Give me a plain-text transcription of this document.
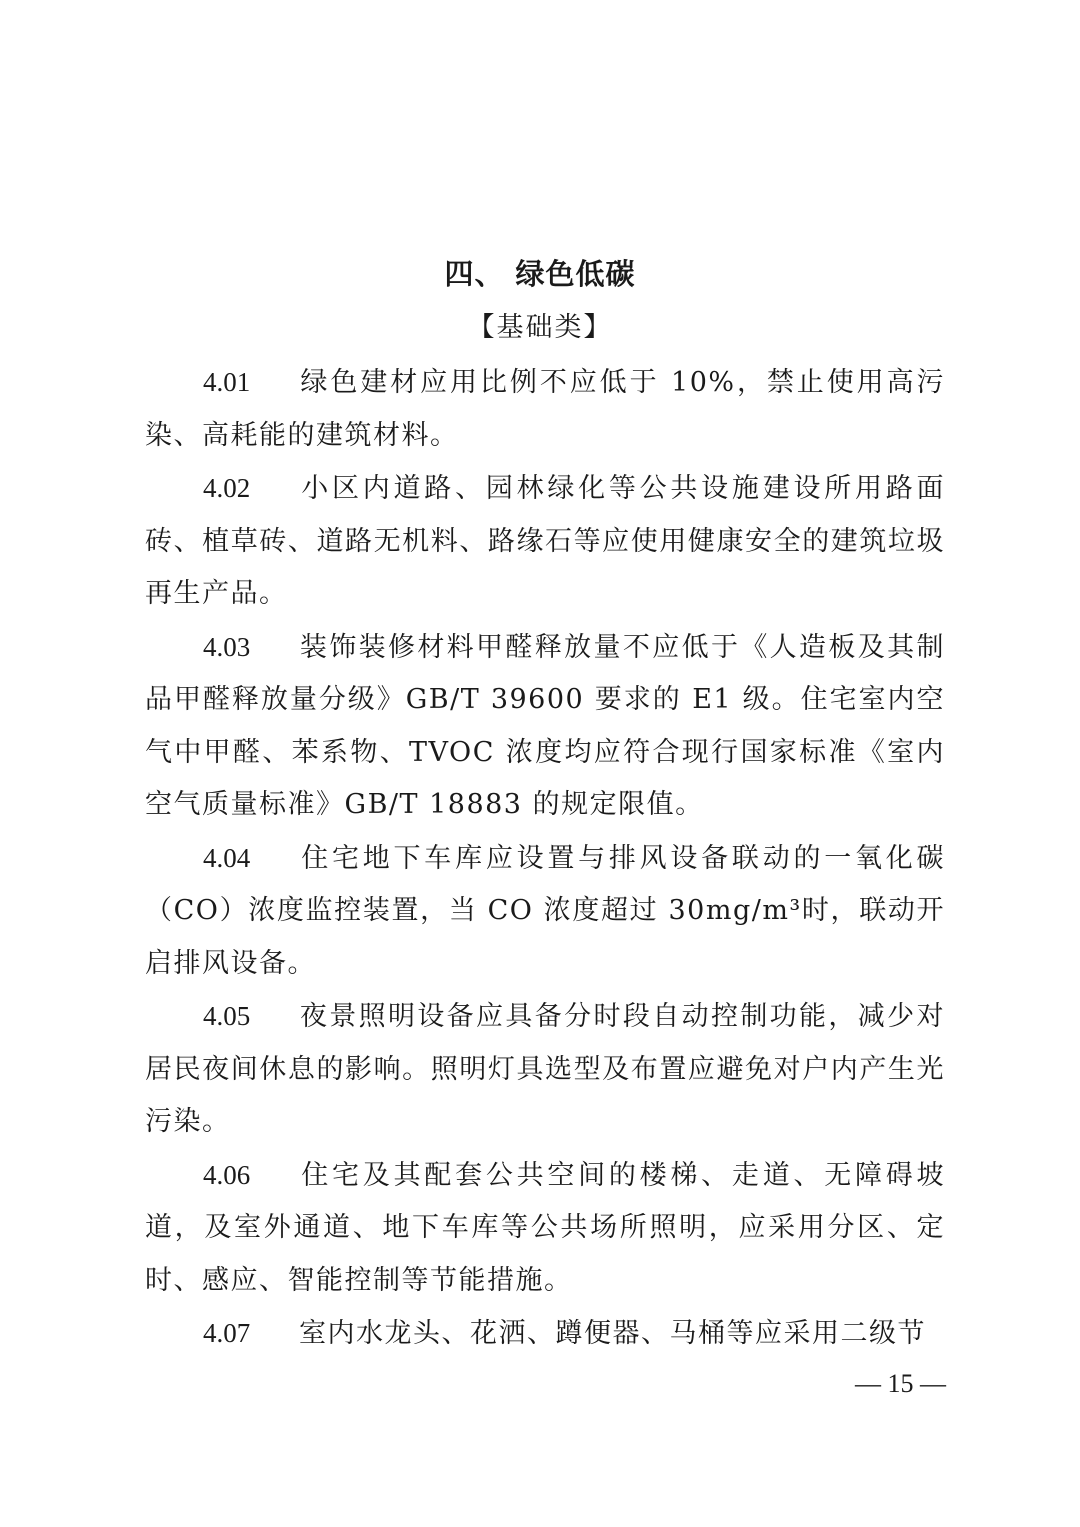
四、 绿色低碳
【基础类】

4.01 绿色建材应用比例不应低于 10%，禁止使用高污染、高耗能的建筑材料。

4.02 小区内道路、园林绿化等公共设施建设所用路面砖、植草砖、道路无机料、路缘石等应使用健康安全的建筑垃圾再生产品。

4.03 装饰装修材料甲醛释放量不应低于《人造板及其制品甲醛释放量分级》GB/T 39600 要求的 E1 级。住宅室内空气中甲醛、苯系物、TVOC 浓度均应符合现行国家标准《室内空气质量标准》GB/T 18883 的规定限值。

4.04 住宅地下车库应设置与排风设备联动的一氧化碳（CO）浓度监控装置，当 CO 浓度超过 30mg/m³时，联动开启排风设备。

4.05 夜景照明设备应具备分时段自动控制功能，减少对居民夜间休息的影响。照明灯具选型及布置应避免对户内产生光污染。

4.06 住宅及其配套公共空间的楼梯、走道、无障碍坡道，及室外通道、地下车库等公共场所照明，应采用分区、定时、感应、智能控制等节能措施。

4.07 室内水龙头、花洒、蹲便器、马桶等应采用二级节

— 15 —
